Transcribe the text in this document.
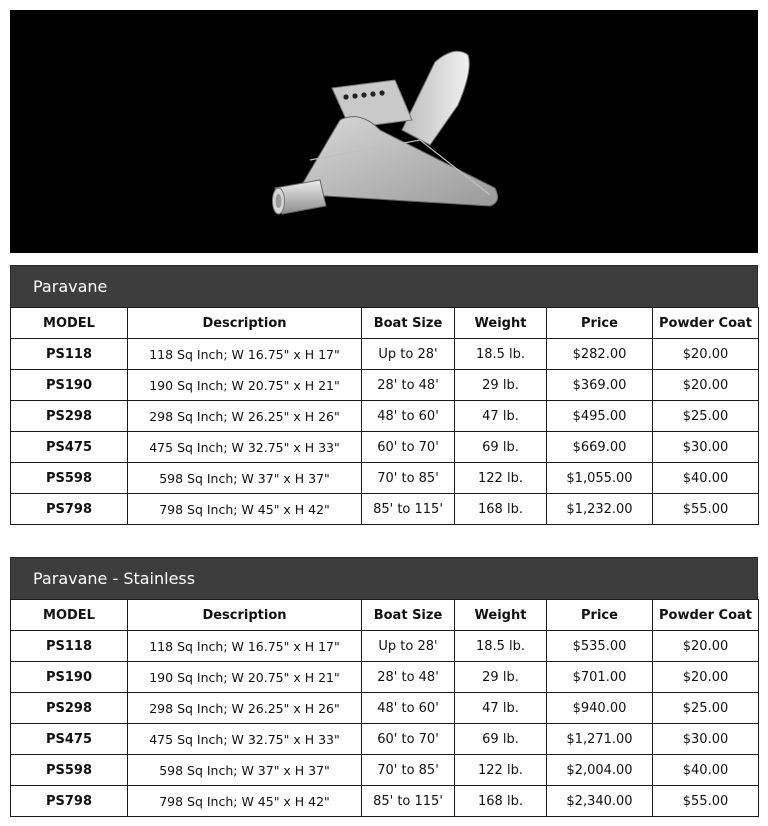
Paravane
MODEL	Description	Boat Size	Weight	Price	Powder Coat
PS118	118 Sq Inch; W 16.75" x H 17"	Up to 28'	18.5 lb.	$282.00	$20.00
PS190	190 Sq Inch; W 20.75" x H 21"	28' to 48'	29 lb.	$369.00	$20.00
PS298	298 Sq Inch; W 26.25" x H 26"	48' to 60'	47 lb.	$495.00	$25.00
PS475	475 Sq Inch; W 32.75" x H 33"	60' to 70'	69 lb.	$669.00	$30.00
PS598	598 Sq Inch; W 37" x H 37"	70' to 85'	122 lb.	$1,055.00	$40.00
PS798	798 Sq Inch; W 45" x H 42"	85' to 115'	168 lb.	$1,232.00	$55.00
Paravane - Stainless
MODEL	Description	Boat Size	Weight	Price	Powder Coat
PS118	118 Sq Inch; W 16.75" x H 17"	Up to 28'	18.5 lb.	$535.00	$20.00
PS190	190 Sq Inch; W 20.75" x H 21"	28' to 48'	29 lb.	$701.00	$20.00
PS298	298 Sq Inch; W 26.25" x H 26"	48' to 60'	47 lb.	$940.00	$25.00
PS475	475 Sq Inch; W 32.75" x H 33"	60' to 70'	69 lb.	$1,271.00	$30.00
PS598	598 Sq Inch; W 37" x H 37"	70' to 85'	122 lb.	$2,004.00	$40.00
PS798	798 Sq Inch; W 45" x H 42"	85' to 115'	168 lb.	$2,340.00	$55.00
